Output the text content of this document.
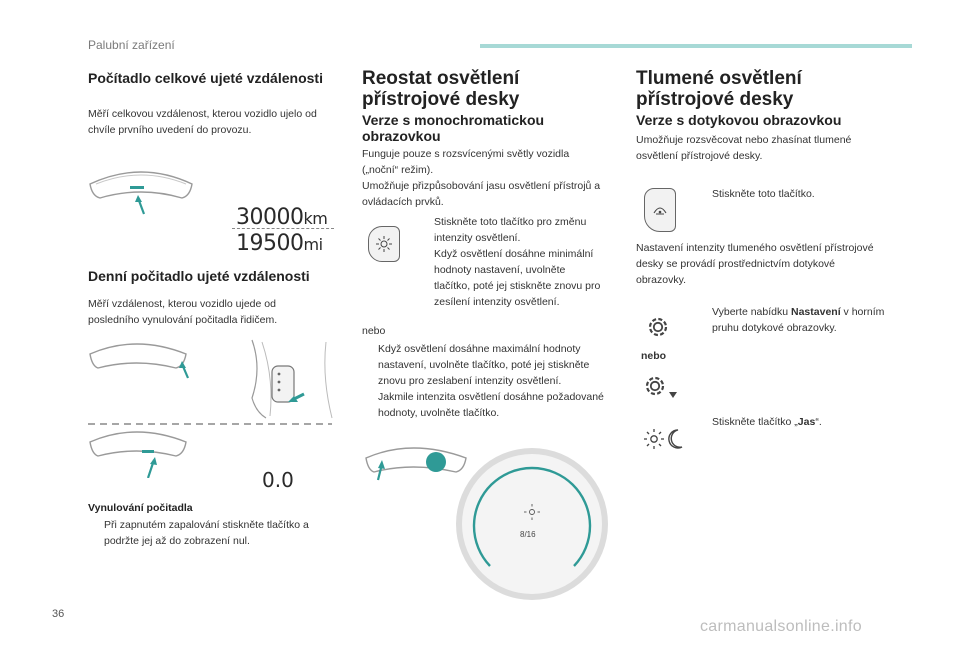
Palubní zařízení
Počítadlo celkové ujeté vzdálenosti

Měří celkovou vzdálenost, kterou vozidlo ujelo od chvíle prvního uvedení do provozu.

30000km
19500mi
Denní počitadlo ujeté vzdálenosti

Měří vzdálenost, kterou vozidlo ujede od posledního vynulování počitadla řidičem.

0.0
Vynulování počitadla
Při zapnutém zapalování stiskněte tlačítko a podržte jej až do zobrazení nul.
Reostat osvětlení přístrojové desky
Verze s monochromatickou obrazovkou

Funguje pouze s rozsvícenými světly vozidla („noční“ režim).
Umožňuje přizpůsobování jasu osvětlení přístrojů a ovládacích prvků.

Stiskněte toto tlačítko pro změnu intenzity osvětlení.
Když osvětlení dosáhne minimální hodnoty nastavení, uvolněte tlačítko, poté jej stiskněte znovu pro zesílení intenzity osvětlení.
nebo
Když osvětlení dosáhne maximální hodnoty nastavení, uvolněte tlačítko, poté jej stiskněte znovu pro zeslabení intenzity osvětlení.
Jakmile intenzita osvětlení dosáhne požadované hodnoty, uvolněte tlačítko.
8/16
Tlumené osvětlení přístrojové desky
Verze s dotykovou obrazovkou

Umožňuje rozsvěcovat nebo zhasínat tlumené osvětlení přístrojové desky.

Stiskněte toto tlačítko.

Nastavení intenzity tlumeného osvětlení přístrojové desky se provádí prostřednictvím dotykové obrazovky.

nebo
Vyberte nabídku Nastavení v horním pruhu dotykové obrazovky.
Stiskněte tlačítko „Jas“.
36
carmanualsonline.info
